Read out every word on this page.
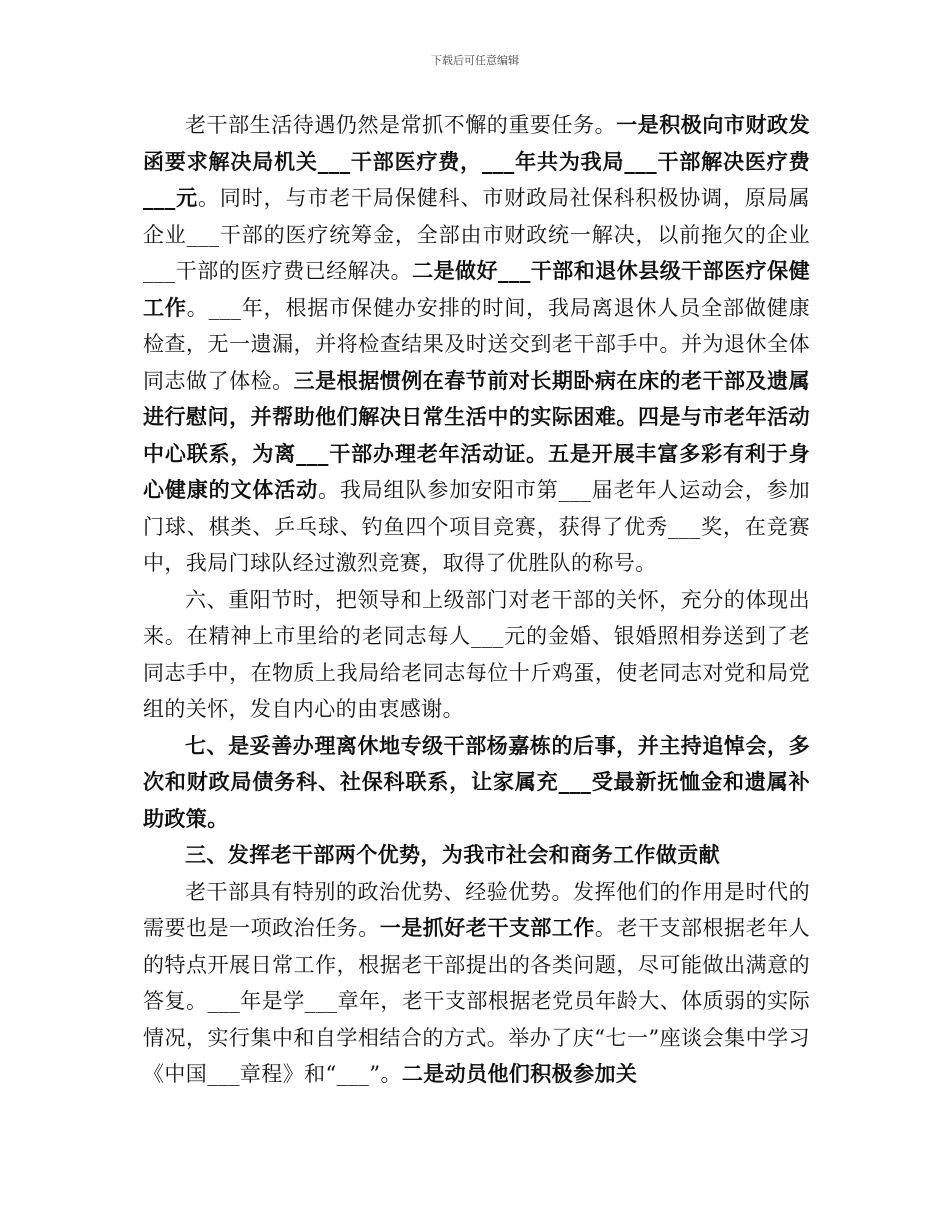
下载后可任意编辑

老干部生活待遇仍然是常抓不懈的重要任务。一是积极向市财政发函要求解决局机关___干部医疗费，___年共为我局___干部解决医疗费___元。同时，与市老干局保健科、市财政局社保科积极协调，原局属企业___干部的医疗统筹金，全部由市财政统一解决，以前拖欠的企业___干部的医疗费已经解决。二是做好___干部和退休县级干部医疗保健工作。___年，根据市保健办安排的时间，我局离退休人员全部做健康检查，无一遗漏，并将检查结果及时送交到老干部手中。并为退休全体同志做了体检。三是根据惯例在春节前对长期卧病在床的老干部及遗属进行慰问，并帮助他们解决日常生活中的实际困难。四是与市老年活动中心联系，为离___干部办理老年活动证。五是开展丰富多彩有利于身心健康的文体活动。我局组队参加安阳市第___届老年人运动会，参加门球、棋类、乒乓球、钓鱼四个项目竞赛，获得了优秀___奖，在竞赛中，我局门球队经过激烈竞赛，取得了优胜队的称号。

六、重阳节时，把领导和上级部门对老干部的关怀，充分的体现出来。在精神上市里给的老同志每人___元的金婚、银婚照相券送到了老同志手中，在物质上我局给老同志每位十斤鸡蛋，使老同志对党和局党组的关怀，发自内心的由衷感谢。

七、是妥善办理离休地专级干部杨嘉栋的后事，并主持追悼会，多次和财政局债务科、社保科联系，让家属充___受最新抚恤金和遗属补助政策。

三、发挥老干部两个优势，为我市社会和商务工作做贡献

老干部具有特别的政治优势、经验优势。发挥他们的作用是时代的需要也是一项政治任务。一是抓好老干支部工作。老干支部根据老年人的特点开展日常工作，根据老干部提出的各类问题，尽可能做出满意的答复。___年是学___章年，老干支部根据老党员年龄大、体质弱的实际情况，实行集中和自学相结合的方式。举办了庆“七一”座谈会集中学习《中国___章程》和“___”。二是动员他们积极参加关
